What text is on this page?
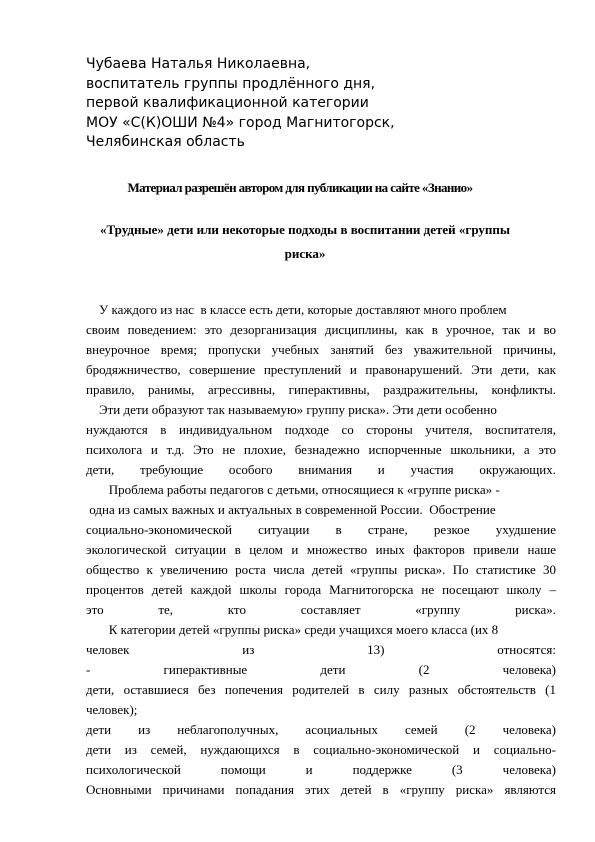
Чубаева Наталья Николаевна,
воспитатель группы продлённого дня,
первой квалификационной категории
МОУ «С(К)ОШИ №4» город Магнитогорск,
Челябинская область
Материал разрешён автором для публикации на сайте «Знанио»
«Трудные» дети или некоторые подходы в воспитании детей «группы
риска»
У каждого из нас  в классе есть дети, которые доставляют много проблем
своим поведением: это дезорганизация дисциплины, как в урочное, так и во
внеурочное время; пропуски учебных занятий без уважительной причины,
бродяжничество, совершение преступлений и правонарушений. Эти дети, как
правило, ранимы, агрессивны, гиперактивны, раздражительны, конфликты.
Эти дети образуют так называемую» группу риска». Эти дети особенно
нуждаются в индивидуальном подходе со стороны учителя, воспитателя,
психолога и т.д. Это не плохие, безнадежно испорченные школьники, а это
дети, требующие особого внимания и участия окружающих.
Проблема работы педагогов с детьми, относящиеся к «группе риска» -
одна из самых важных и актуальных в современной России.  Обострение
социально-экономической ситуации в стране, резкое ухудшение
экологической ситуации в целом и множество иных факторов привели наше
общество к увеличению роста числа детей «группы риска». По статистике 30
процентов детей каждой школы города Магнитогорска не посещают школу –
это те, кто составляет «группу риска».
К категории детей «группы риска» среди учащихся моего класса (их 8
человек из 13) относятся:
- гиперактивные дети (2 человека)
дети, оставшиеся без попечения родителей в силу разных обстоятельств (1
человек);
дети из неблагополучных, асоциальных семей (2 человека)
дети из семей, нуждающихся в социально-экономической и социально-
психологической помощи и поддержке (3 человека)
Основными причинами попадания этих детей в «группу риска» являются
